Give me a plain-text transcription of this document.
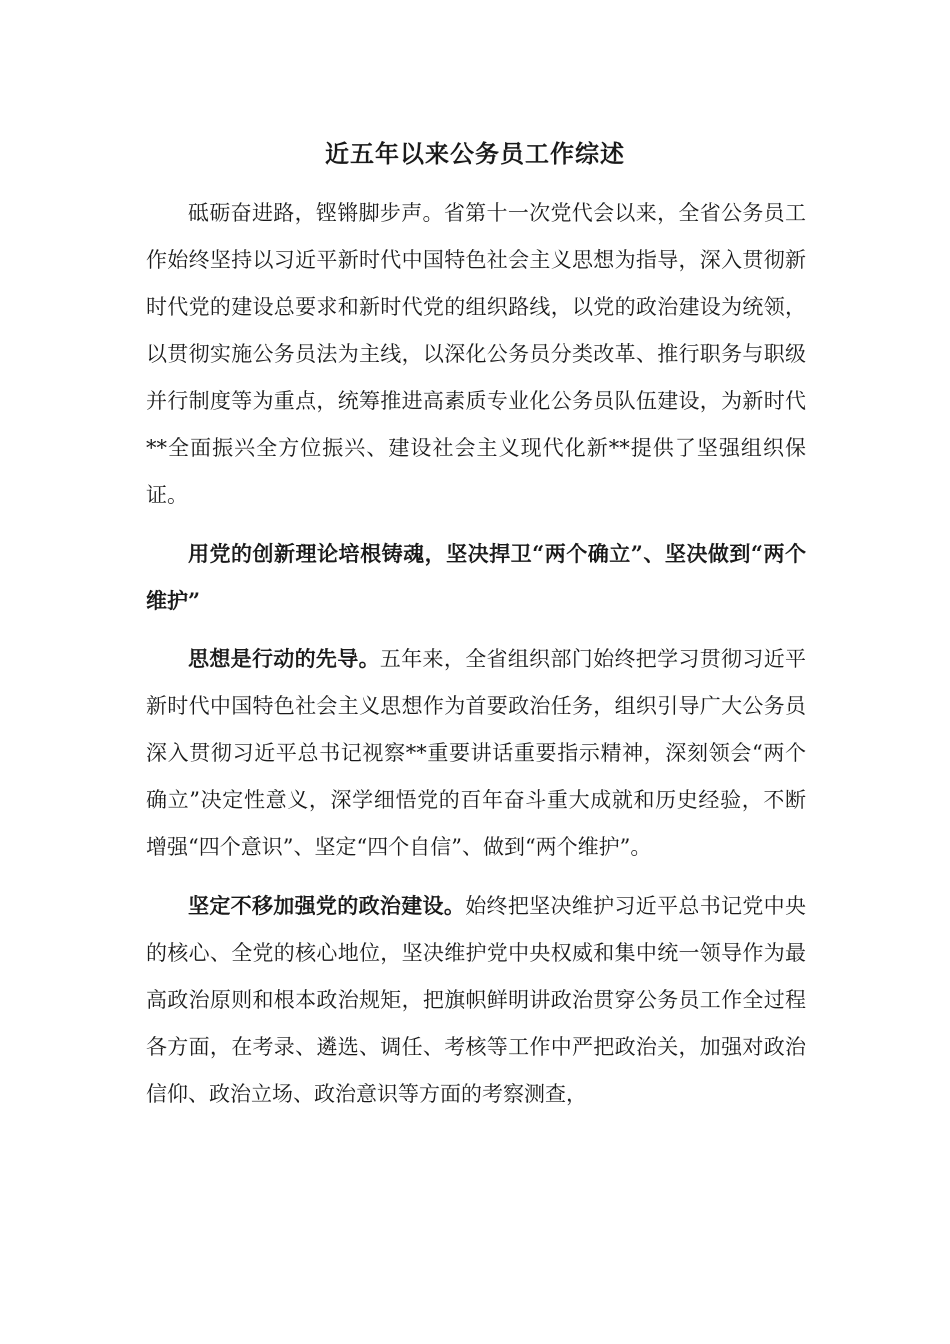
近五年以来公务员工作综述

砥砺奋进路，铿锵脚步声。省第十一次党代会以来，全省公务员工作始终坚持以习近平新时代中国特色社会主义思想为指导，深入贯彻新时代党的建设总要求和新时代党的组织路线，以党的政治建设为统领，以贯彻实施公务员法为主线，以深化公务员分类改革、推行职务与职级并行制度等为重点，统筹推进高素质专业化公务员队伍建设，为新时代**全面振兴全方位振兴、建设社会主义现代化新**提供了坚强组织保证。

用党的创新理论培根铸魂，坚决捍卫“两个确立”、坚决做到“两个维护”

思想是行动的先导。五年来，全省组织部门始终把学习贯彻习近平新时代中国特色社会主义思想作为首要政治任务，组织引导广大公务员深入贯彻习近平总书记视察**重要讲话重要指示精神，深刻领会“两个确立”决定性意义，深学细悟党的百年奋斗重大成就和历史经验，不断增强“四个意识”、坚定“四个自信”、做到“两个维护”。

坚定不移加强党的政治建设。始终把坚决维护习近平总书记党中央的核心、全党的核心地位，坚决维护党中央权威和集中统一领导作为最高政治原则和根本政治规矩，把旗帜鲜明讲政治贯穿公务员工作全过程各方面，在考录、遴选、调任、考核等工作中严把政治关，加强对政治信仰、政治立场、政治意识等方面的考察测查，
